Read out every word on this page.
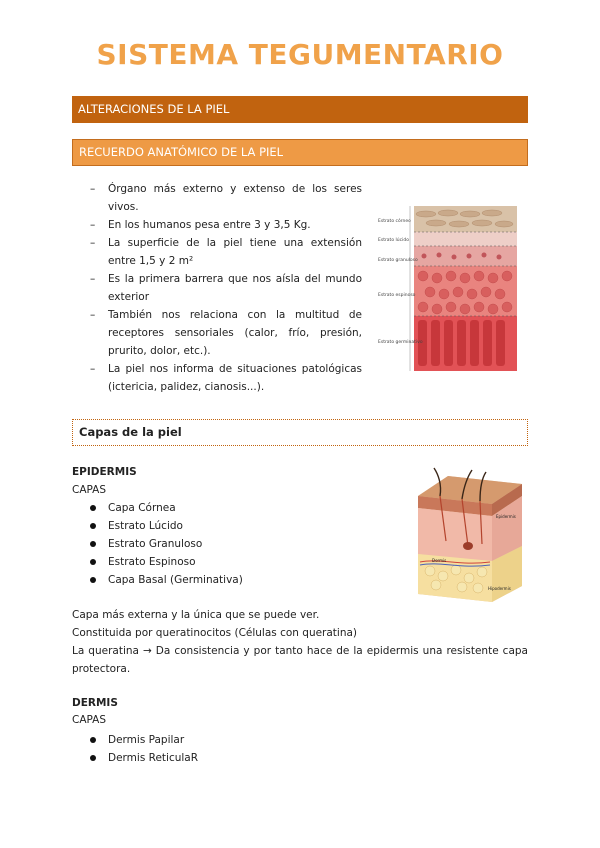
SISTEMA TEGUMENTARIO
ALTERACIONES DE LA PIEL
RECUERDO ANATÓMICO DE LA PIEL
– Órgano más externo y extenso de los seres vivos.
– En los humanos pesa entre 3 y 3,5 Kg.
– La superficie de la piel tiene una extensión entre 1,5 y 2 m²
– Es la primera barrera que nos aísla del mundo exterior
– También nos relaciona con la multitud de receptores sensoriales (calor, frío, presión, prurito, dolor, etc.).
– La piel nos informa de situaciones patológicas (ictericia, palidez, cianosis...).
Estrato córneo
Estrato lúcido
Estrato granuloso
Estrato espinoso
Estrato germinativo
Capas de la piel
EPIDERMIS
CAPAS
Capa Córnea
Estrato Lúcido
Estrato Granuloso
Estrato Espinoso
Capa Basal (Germinativa)
Epidermis
Dermis
Hipodermis
Capa más externa y la única que se puede ver.
Constituida por queratinocitos (Células con queratina)
La queratina → Da consistencia y por tanto hace de la epidermis una resistente capa protectora.
DERMIS
CAPAS
Dermis Papilar
Dermis ReticulaR
